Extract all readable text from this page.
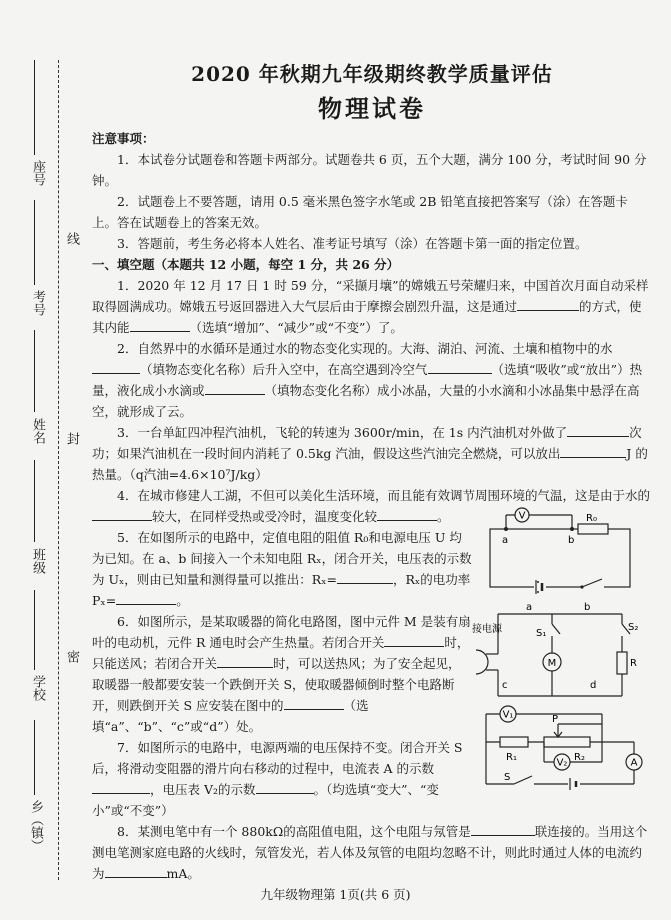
座号
考号
姓名
班级
学校
乡（镇）
线
封
密
2020 年秋期九年级期终教学质量评估
物理试卷

注意事项：

1．本试卷分试题卷和答题卡两部分。试题卷共 6 页，五个大题，满分 100 分，考试时间 90 分钟。

2．试题卷上不要答题，请用 0.5 毫米黑色签字水笔或 2B 铅笔直接把答案写（涂）在答题卡上。答在试题卷上的答案无效。

3．答题前，考生务必将本人姓名、准考证号填写（涂）在答题卡第一面的指定位置。

一、填空题（本题共 12 小题，每空 1 分，共 26 分）

1．2020 年 12 月 17 日 1 时 59 分，“采撷月壤”的嫦娥五号荣耀归来，中国首次月面自动采样取得圆满成功。嫦娥五号返回器进入大气层后由于摩擦会剧烈升温，这是通过	的方式，使其内能	（选填“增加”、“减少”或“不变”）了。

2．自然界中的水循环是通过水的物态变化实现的。大海、湖泊、河流、土壤和植物中的水（填物态变化名称）后升入空中，在高空遇到冷空气	（选填“吸收”或“放出”）热量，液化成小水滴或	（填物态变化名称）成小冰晶，大量的小水滴和小冰晶集中悬浮在高空，就形成了云。

3．一台单缸四冲程汽油机，飞轮的转速为 3600r/min，在 1s 内汽油机对外做了	次功；如果汽油机在一段时间内消耗了 0.5kg 汽油，假设这些汽油完全燃烧，可以放出	J 的热量。（q汽油=4.6×10⁷J/kg）

4．在城市修建人工湖，不但可以美化生活环境，而且能有效调节周围环境的气温，这是由于水的较大，在同样受热或受冷时，温度变化较	。

5．在如图所示的电路中，定值电阻的阻值 R₀和电源电压 U 均为已知。在 a、b 间接入一个未知电阻 Rₓ，闭合开关，电压表的示数为 Uₓ，则由已知量和测得量可以推出：Rₓ=	，Rₓ的电功率 Pₓ=	。

6．如图所示，是某取暖器的简化电路图，图中元件 M 是装有扇叶的电动机，元件 R 通电时会产生热量。若闭合开关	时，只能送风；若闭合开关	时，可以送热风；为了安全起见，取暖器一般都要安装一个跌倒开关 S，使取暖器倾倒时整个电路断开，则跌倒开关 S 应安装在图中的	（选填“a”、“b”、“c”或“d”）处。

7．如图所示的电路中，电源两端的电压保持不变。闭合开关 S 后，将滑动变阻器的滑片向右移动的过程中，电流表 A 的示数，电压表 V₂的示数	。（均选填“变大”、“变小”或“不变”）

8．某测电笔中有一个 880kΩ的高阻值电阻，这个电阻与氖管是	联连接的。当用这个测电笔测家庭电路的火线时，氖管发光，若人体及氖管的电阻均忽略不计，则此时通过人体的电流约为	mA。

V	R₀
a	b
接电源
a	b
c	d
S₁
M
S₂
R
V₁
R₁
P
R₂
V₂	A
S
九年级物理第 1页(共 6 页)
